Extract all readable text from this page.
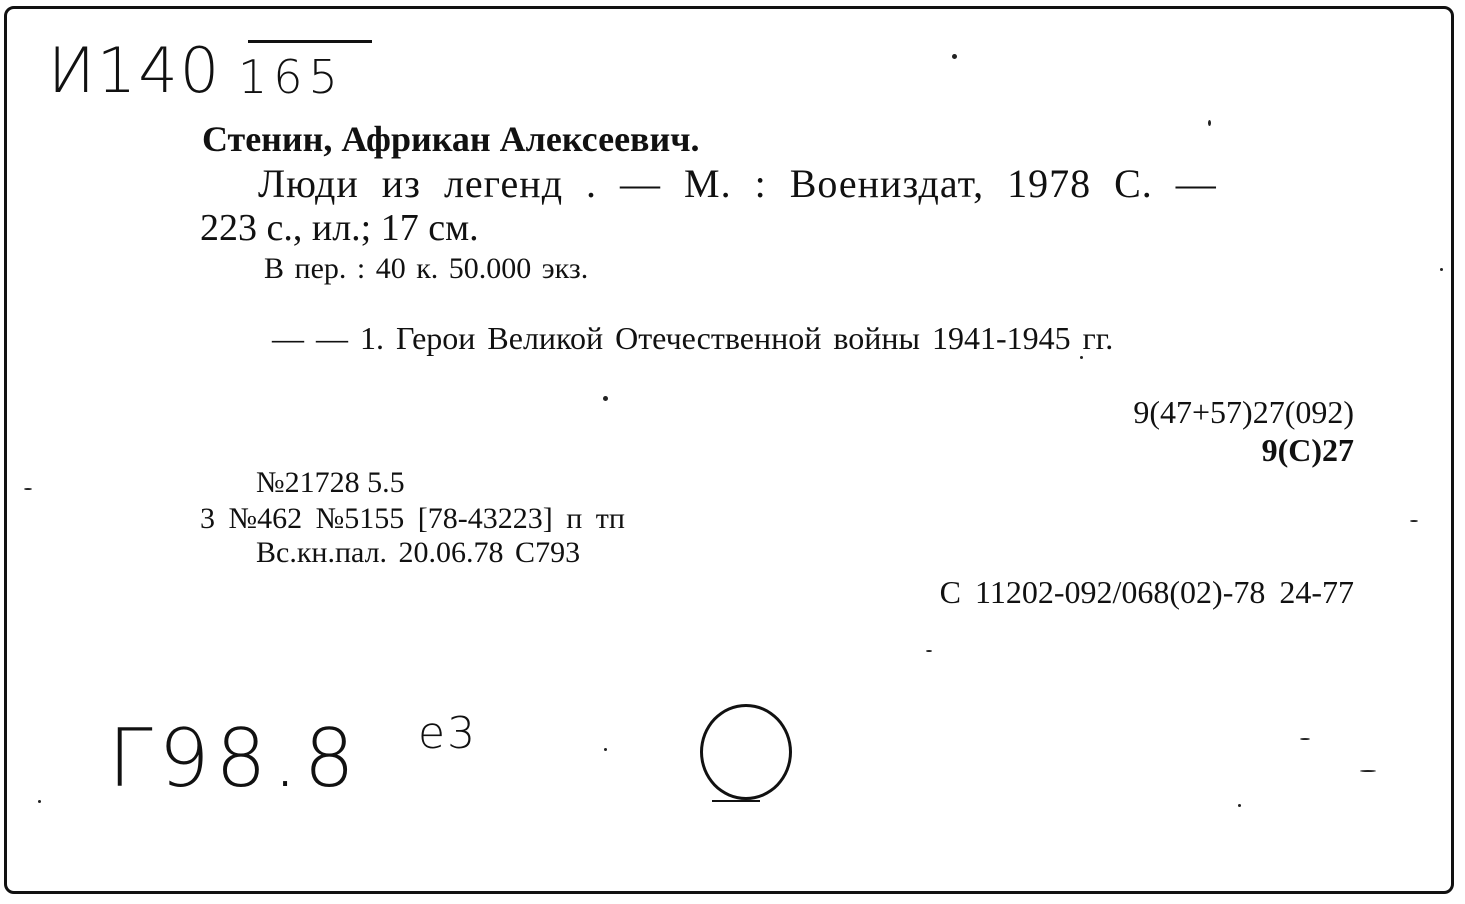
И140 165
Стенин, Африкан Алексеевич.
Люди из легенд . — М. : Воениздат, 1978 С. —
223 с., ил.; 17 см.
В пер. : 40 к. 50.000 экз.
— — 1. Герои Великой Отечественной войны 1941-1945 гг.
9(47+57)27(092)
9(С)27
№21728 5.5
3 №462 №5155 [78-43223] п тп
Вс.кн.пал. 20.06.78 С793
С 11202-092/068(02)-78 24-77
Г98.8 e3
